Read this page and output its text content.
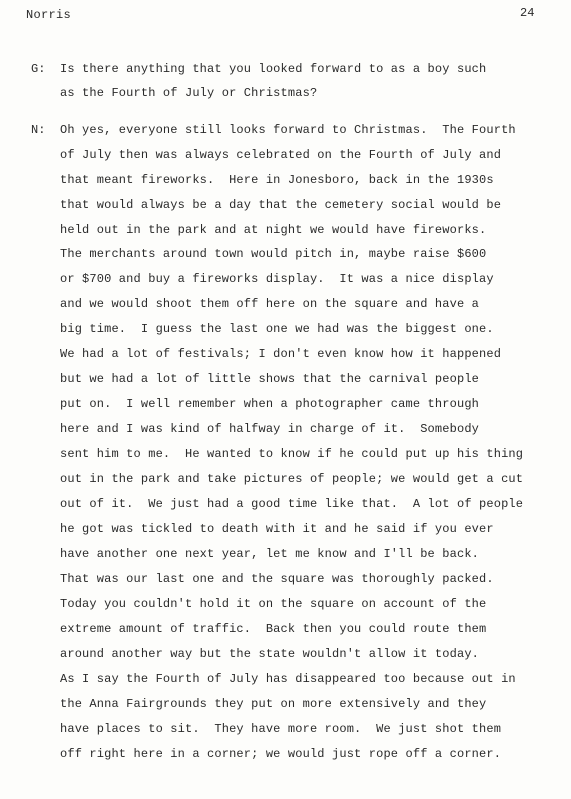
Norris	24
G: Is there anything that you looked forward to as a boy such
as the Fourth of July or Christmas?
N: Oh yes, everyone still looks forward to Christmas.  The Fourth
of July then was always celebrated on the Fourth of July and
that meant fireworks.  Here in Jonesboro, back in the 1930s
that would always be a day that the cemetery social would be
held out in the park and at night we would have fireworks.
The merchants around town would pitch in, maybe raise $600
or $700 and buy a fireworks display.  It was a nice display
and we would shoot them off here on the square and have a
big time.  I guess the last one we had was the biggest one.
We had a lot of festivals; I don't even know how it happened
but we had a lot of little shows that the carnival people
put on.  I well remember when a photographer came through
here and I was kind of halfway in charge of it.  Somebody
sent him to me.  He wanted to know if he could put up his thing
out in the park and take pictures of people; we would get a cut
out of it.  We just had a good time like that.  A lot of people
he got was tickled to death with it and he said if you ever
have another one next year, let me know and I'll be back.
That was our last one and the square was thoroughly packed.
Today you couldn't hold it on the square on account of the
extreme amount of traffic.  Back then you could route them
around another way but the state wouldn't allow it today.
As I say the Fourth of July has disappeared too because out in
the Anna Fairgrounds they put on more extensively and they
have places to sit.  They have more room.  We just shot them
off right here in a corner; we would just rope off a corner.
